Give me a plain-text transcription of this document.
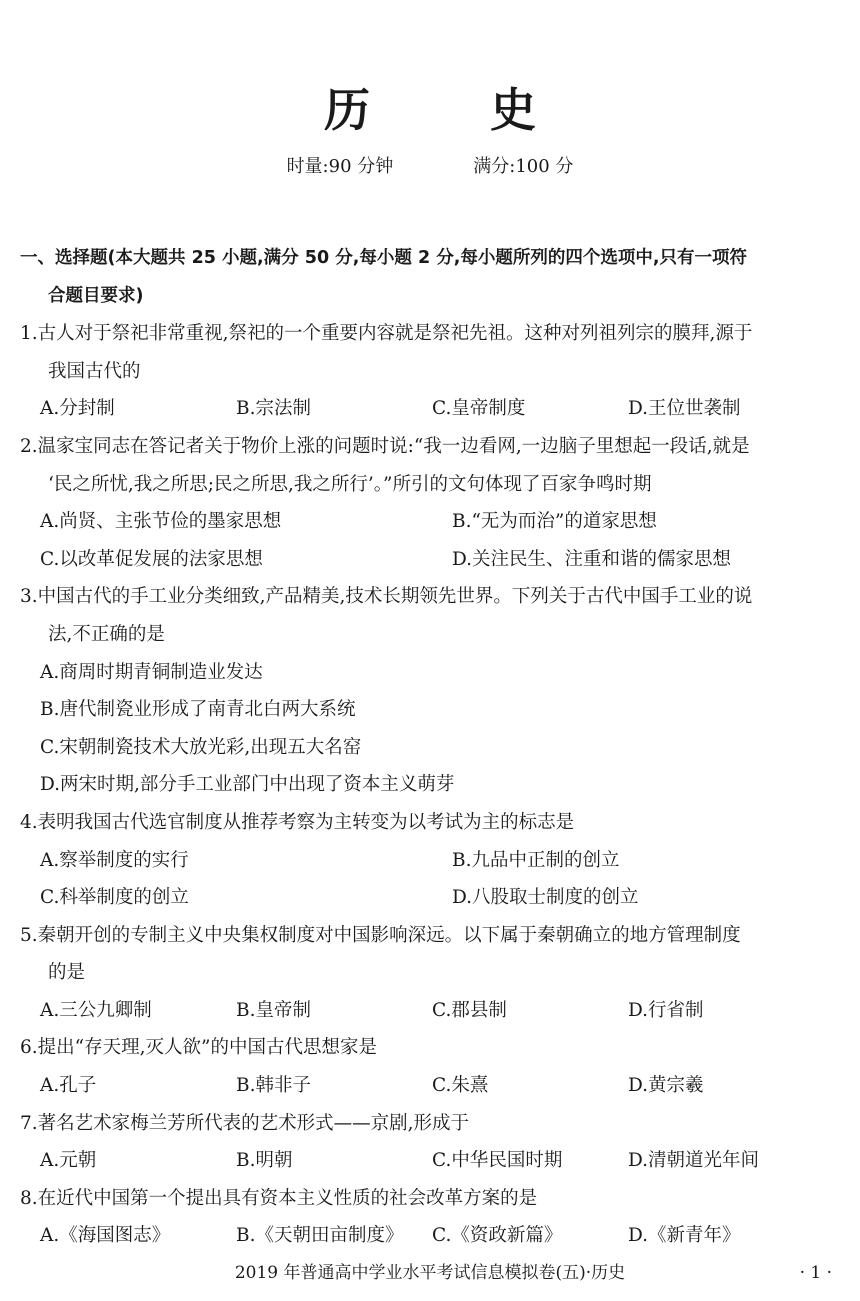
历 史
时量:90 分钟	满分:100 分
一、选择题(本大题共 25 小题,满分 50 分,每小题 2 分,每小题所列的四个选项中,只有一项符
合题目要求)
1.古人对于祭祀非常重视,祭祀的一个重要内容就是祭祀先祖。这种对列祖列宗的膜拜,源于
我国古代的
A.分封制	B.宗法制	C.皇帝制度	D.王位世袭制
2.温家宝同志在答记者关于物价上涨的问题时说:“我一边看网,一边脑子里想起一段话,就是
‘民之所忧,我之所思;民之所思,我之所行’。”所引的文句体现了百家争鸣时期
A.尚贤、主张节俭的墨家思想	B.“无为而治”的道家思想
C.以改革促发展的法家思想	D.关注民生、注重和谐的儒家思想
3.中国古代的手工业分类细致,产品精美,技术长期领先世界。下列关于古代中国手工业的说
法,不正确的是
A.商周时期青铜制造业发达
B.唐代制瓷业形成了南青北白两大系统
C.宋朝制瓷技术大放光彩,出现五大名窑
D.两宋时期,部分手工业部门中出现了资本主义萌芽
4.表明我国古代选官制度从推荐考察为主转变为以考试为主的标志是
A.察举制度的实行	B.九品中正制的创立
C.科举制度的创立	D.八股取士制度的创立
5.秦朝开创的专制主义中央集权制度对中国影响深远。以下属于秦朝确立的地方管理制度
的是
A.三公九卿制	B.皇帝制	C.郡县制	D.行省制
6.提出“存天理,灭人欲”的中国古代思想家是
A.孔子	B.韩非子	C.朱熹	D.黄宗羲
7.著名艺术家梅兰芳所代表的艺术形式——京剧,形成于
A.元朝	B.明朝	C.中华民国时期	D.清朝道光年间
8.在近代中国第一个提出具有资本主义性质的社会改革方案的是
A.《海国图志》	B.《天朝田亩制度》	C.《资政新篇》	D.《新青年》
2019 年普通高中学业水平考试信息模拟卷(五)·历史	· 1 ·
